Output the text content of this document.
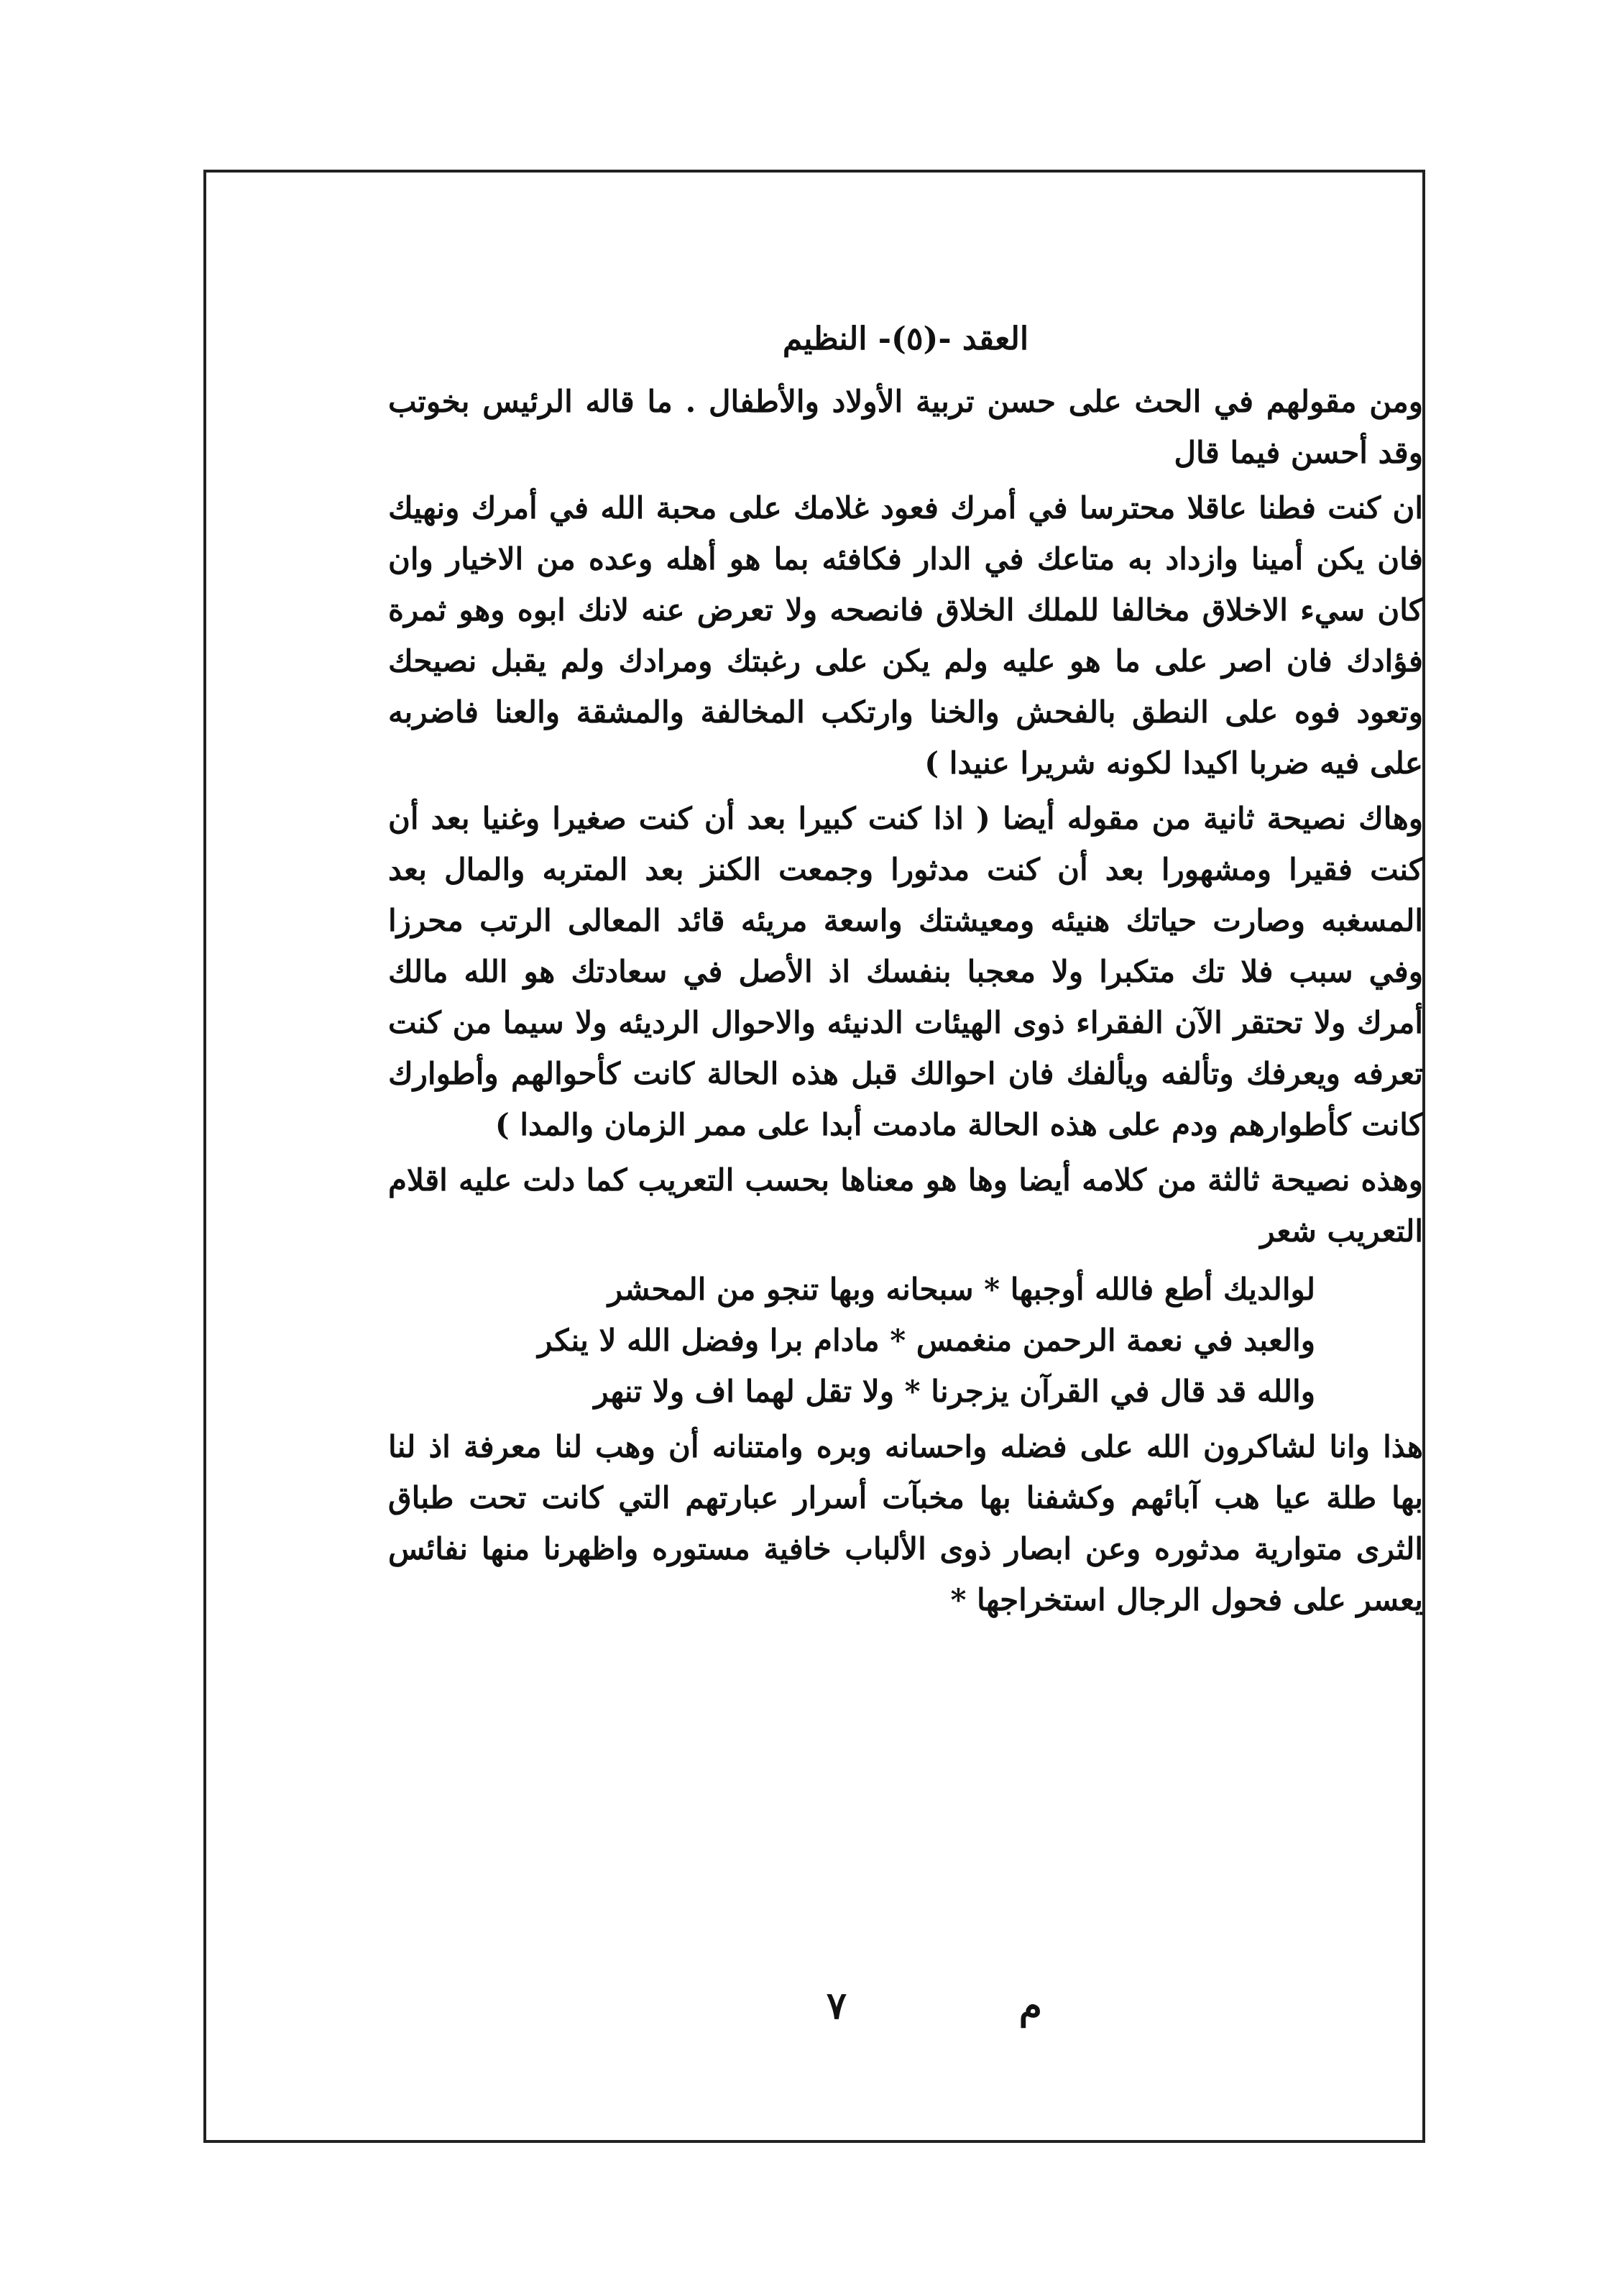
العقد -(٥)- النظيم

ومن مقولهم في الحث على حسن تربية الأولاد والأطفال . ما قاله الرئيس بخوتب وقد أحسن فيما قال

ان كنت فطنا عاقلا محترسا في أمرك فعود غلامك على محبة الله في أمرك ونهيك فان يكن أمينا وازداد به متاعك في الدار فكافئه بما هو أهله وعده من الاخيار وان كان سيء الاخلاق مخالفا للملك الخلاق فانصحه ولا تعرض عنه لانك ابوه وهو ثمرة فؤادك فان اصر على ما هو عليه ولم يكن على رغبتك ومرادك ولم يقبل نصيحك وتعود فوه على النطق بالفحش والخنا وارتكب المخالفة والمشقة والعنا فاضربه على فيه ضربا اكيدا لكونه شريرا عنيدا )

وهاك نصيحة ثانية من مقوله أيضا ( اذا كنت كبيرا بعد أن كنت صغيرا وغنيا بعد أن كنت فقيرا ومشهورا بعد أن كنت مدثورا وجمعت الكنز بعد المتربه والمال بعد المسغبه وصارت حياتك هنيئه ومعيشتك واسعة مريئه قائد المعالى الرتب محرزا وفي سبب فلا تك متكبرا ولا معجبا بنفسك اذ الأصل في سعادتك هو الله مالك أمرك ولا تحتقر الآن الفقراء ذوى الهيئات الدنيئه والاحوال الرديئه ولا سيما من كنت تعرفه ويعرفك وتألفه ويألفك فان احوالك قبل هذه الحالة كانت كأحوالهم وأطوارك كانت كأطوارهم ودم على هذه الحالة مادمت أبدا على ممر الزمان والمدا )

وهذه نصيحة ثالثة من كلامه أيضا وها هو معناها بحسب التعريب كما دلت عليه اقلام التعريب شعر

لوالديك أطع فالله أوجبها * سبحانه وبها تنجو من المحشر
والعبد في نعمة الرحمن منغمس * مادام برا وفضل الله لا ينكر
والله قد قال في القرآن يزجرنا * ولا تقل لهما اف ولا تنهر

هذا وانا لشاكرون الله على فضله واحسانه وبره وامتنانه أن وهب لنا معرفة اذ لنا بها طلة عيا هب آبائهم وكشفنا بها مخبآت أسرار عبارتهم التي كانت تحت طباق الثرى متوارية مدثوره وعن ابصار ذوى الألباب خافية مستوره واظهرنا منها نفائس يعسر على فحول الرجال استخراجها *

م
٧
